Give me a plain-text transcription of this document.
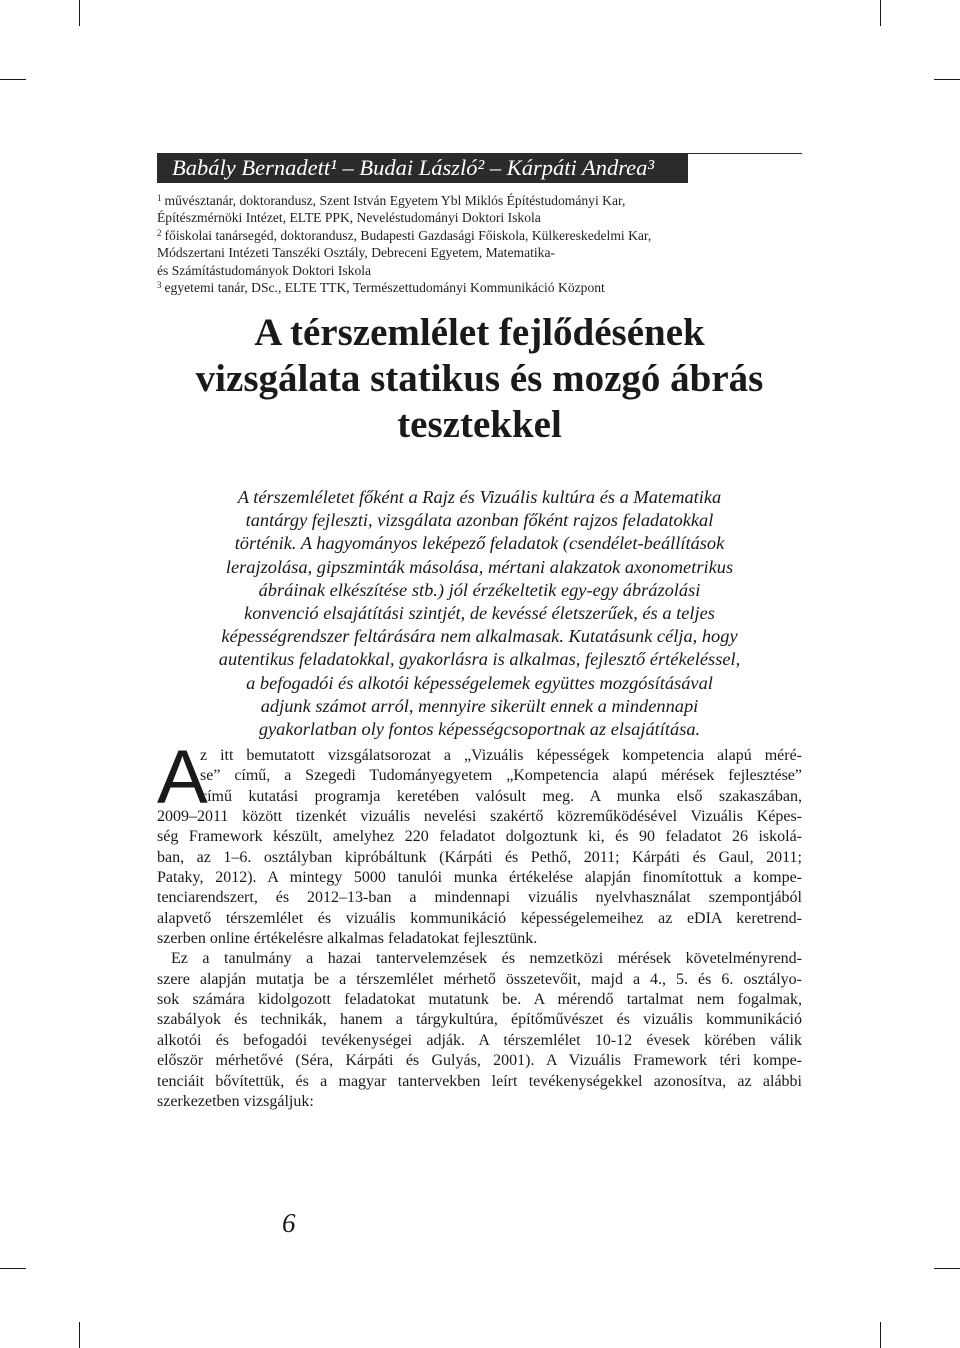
Babály Bernadett¹ – Budai László² – Kárpáti Andrea³
$^1$ művésztanár, doktorandusz, Szent István Egyetem Ybl Miklós Építéstudományi Kar,
Építészmérnöki Intézet, ELTE PPK, Neveléstudományi Doktori Iskola
$^2$ főiskolai tanársegéd, doktorandusz, Budapesti Gazdasági Főiskola, Külkereskedelmi Kar,
Módszertani Intézeti Tanszéki Osztály, Debreceni Egyetem, Matematika-
és Számítástudományok Doktori Iskola
$^3$ egyetemi tanár, DSc., ELTE TTK, Természettudományi Kommunikáció Központ
A térszemlélet fejlődésének
vizsgálata statikus és mozgó ábrás
tesztekkel
A térszemléletet főként a Rajz és Vizuális kultúra és a Matematika
tantárgy fejleszti, vizsgálata azonban főként rajzos feladatokkal
történik. A hagyományos leképező feladatok (csendélet-beállítások
lerajzolása, gipszminták másolása, mértani alakzatok axonometrikus
ábráinak elkészítése stb.) jól érzékeltetik egy-egy ábrázolási
konvenció elsajátítási szintjét, de kevéssé életszerűek, és a teljes
képességrendszer feltárására nem alkalmasak. Kutatásunk célja, hogy
autentikus feladatokkal, gyakorlásra is alkalmas, fejlesztő értékeléssel,
a befogadói és alkotói képességelemek együttes mozgósításával
adjunk számot arról, mennyire sikerült ennek a mindennapi
gyakorlatban oly fontos képességcsoportnak az elsajátítása.
A
z itt bemutatott vizsgálatsorozat a „Vizuális képességek kompetencia alapú méré-
se” című, a Szegedi Tudományegyetem „Kompetencia alapú mérések fejlesztése”
című kutatási programja keretében valósult meg. A munka első szakaszában,
2009–2011 között tizenkét vizuális nevelési szakértő közreműködésével Vizuális Képes-
ség Framework készült, amelyhez 220 feladatot dolgoztunk ki, és 90 feladatot 26 iskolá-
ban, az 1–6. osztályban kipróbáltunk (Kárpáti és Pethő, 2011; Kárpáti és Gaul, 2011;
Pataky, 2012). A mintegy 5000 tanulói munka értékelése alapján finomítottuk a kompe-
tenciarendszert, és 2012–13-ban a mindennapi vizuális nyelvhasználat szempontjából
alapvető térszemlélet és vizuális kommunikáció képességelemeihez az eDIA keretrend-
szerben online értékelésre alkalmas feladatokat fejlesztünk.
Ez a tanulmány a hazai tantervelemzések és nemzetközi mérések követelményrend-
szere alapján mutatja be a térszemlélet mérhető összetevőit, majd a 4., 5. és 6. osztályo-
sok számára kidolgozott feladatokat mutatunk be. A mérendő tartalmat nem fogalmak,
szabályok és technikák, hanem a tárgykultúra, építőművészet és vizuális kommunikáció
alkotói és befogadói tevékenységei adják. A térszemlélet 10-12 évesek körében válik
először mérhetővé (Séra, Kárpáti és Gulyás, 2001). A Vizuális Framework téri kompe-
tenciáit bővítettük, és a magyar tantervekben leírt tevékenységekkel azonosítva, az alábbi
szerkezetben vizsgáljuk:
6
